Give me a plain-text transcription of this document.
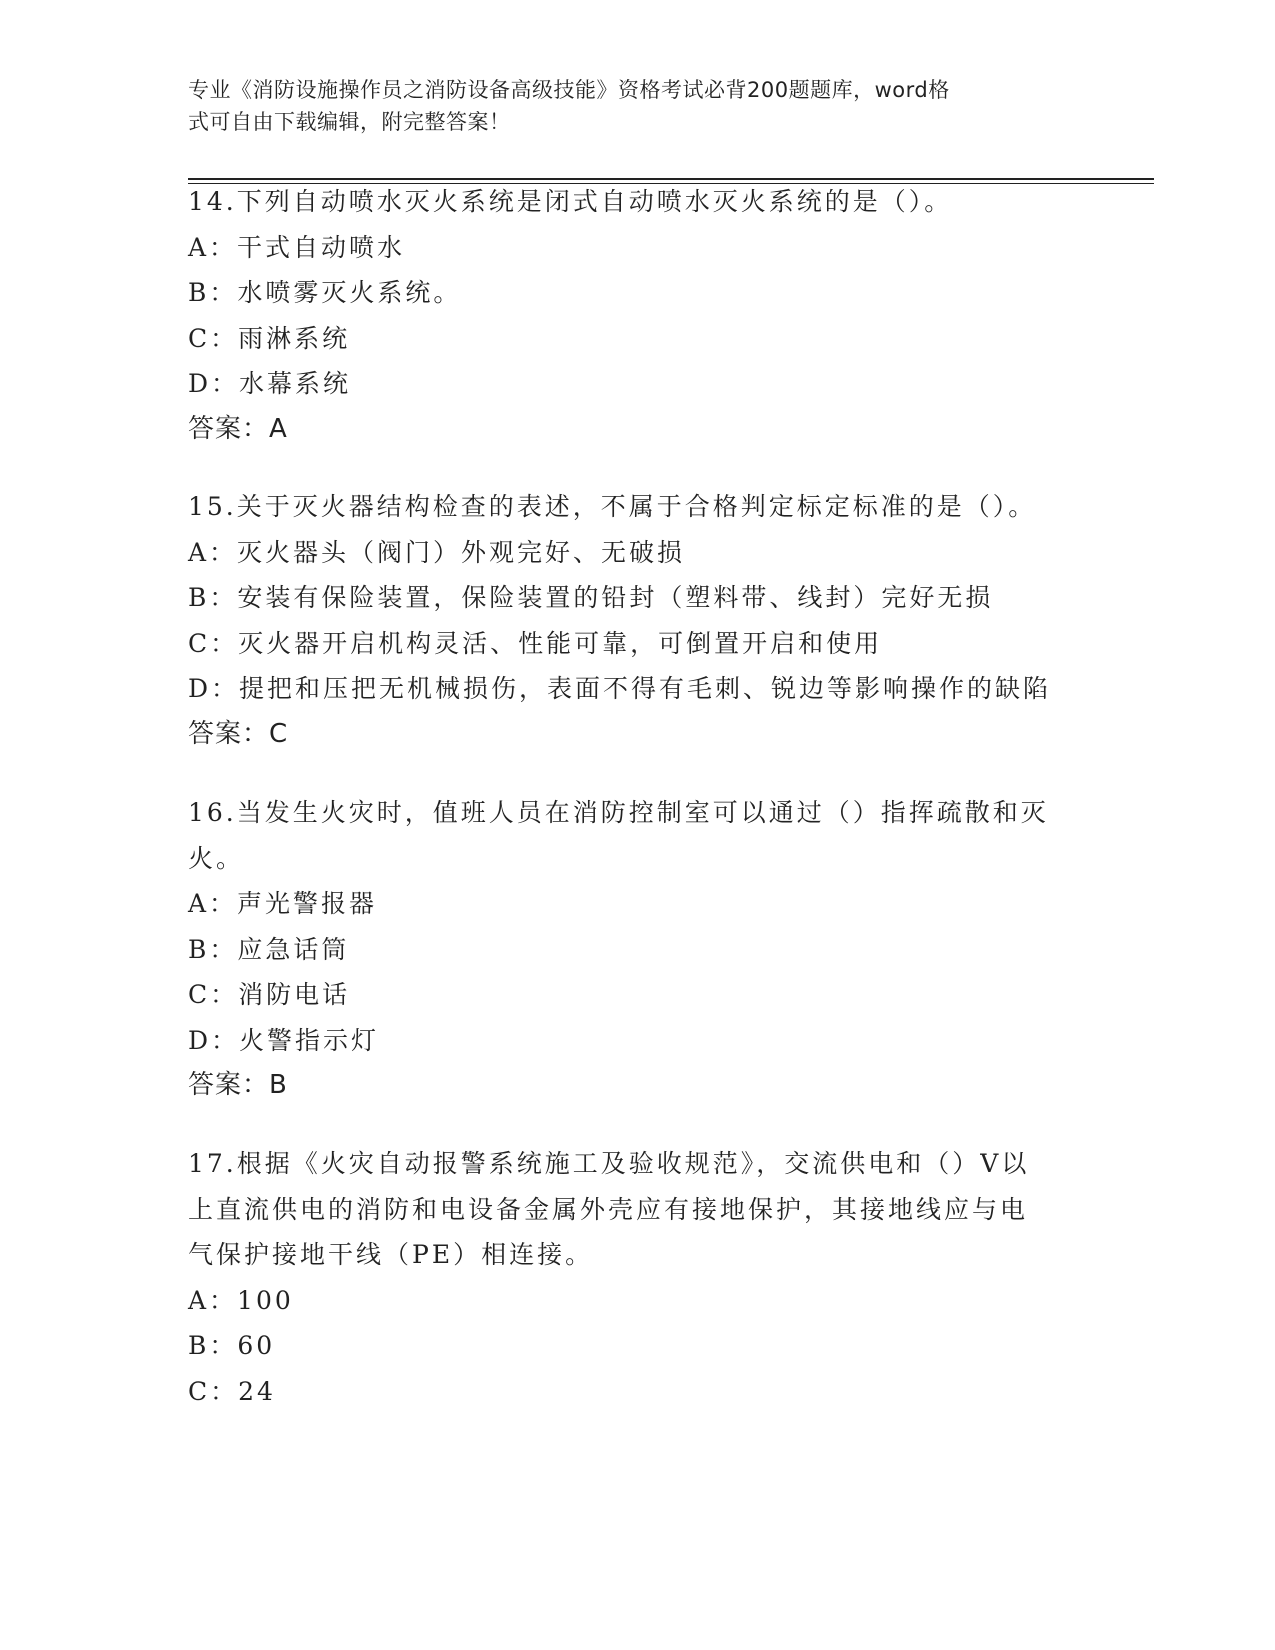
专业《消防设施操作员之消防设备高级技能》资格考试必背200题题库，word格
式可自由下载编辑，附完整答案！
14.下列自动喷水灭火系统是闭式自动喷水灭火系统的是（）。
A：干式自动喷水
B：水喷雾灭火系统。
C：雨淋系统
D：水幕系统
答案：A
15.关于灭火器结构检查的表述，不属于合格判定标定标准的是（）。
A：灭火器头（阀门）外观完好、无破损
B：安装有保险装置，保险装置的铅封（塑料带、线封）完好无损
C：灭火器开启机构灵活、性能可靠，可倒置开启和使用
D：提把和压把无机械损伤，表面不得有毛刺、锐边等影响操作的缺陷
答案：C
16.当发生火灾时，值班人员在消防控制室可以通过（）指挥疏散和灭
火。
A：声光警报器
B：应急话筒
C：消防电话
D：火警指示灯
答案：B
17.根据《火灾自动报警系统施工及验收规范》，交流供电和（）V以
上直流供电的消防和电设备金属外壳应有接地保护，其接地线应与电
气保护接地干线（PE）相连接。
A：100
B：60
C：24
